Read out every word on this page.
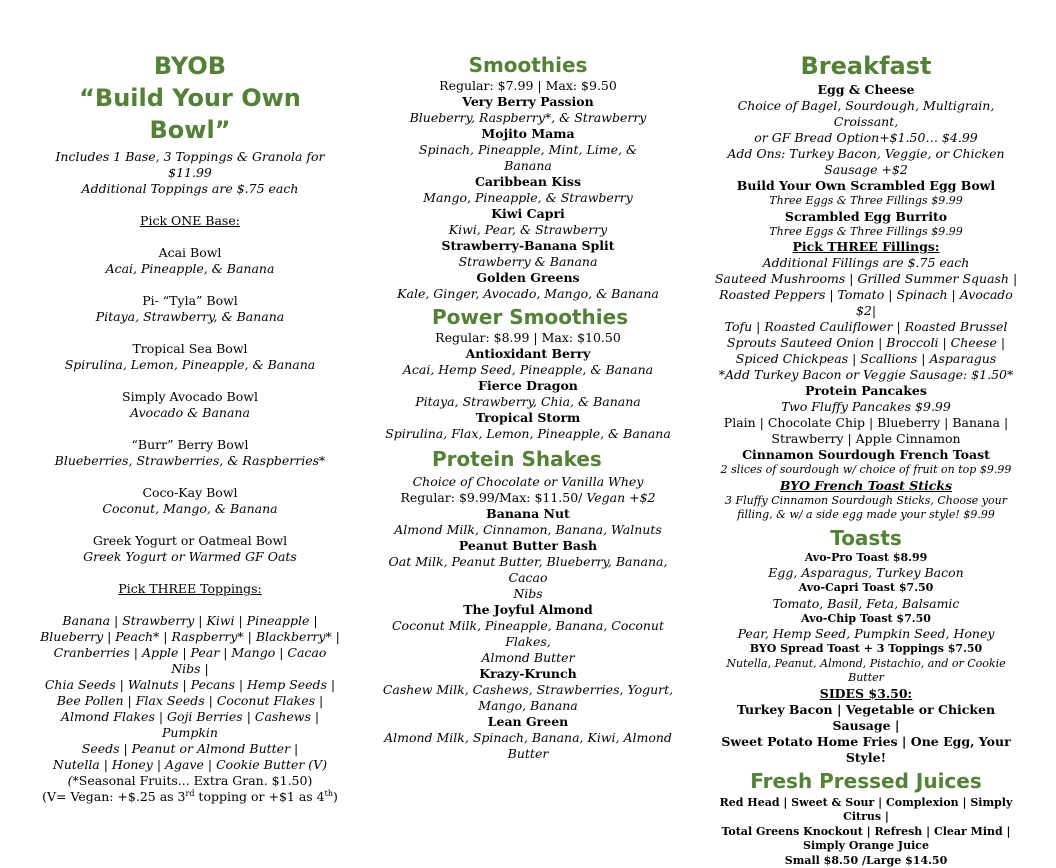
BYOB
“Build Your Own Bowl”
Includes 1 Base, 3 Toppings & Granola for $11.99
Additional Toppings are $.75 each
Pick ONE Base:
Acai Bowl
Acai, Pineapple, & Banana
Pi- “Tyla” Bowl
Pitaya, Strawberry, & Banana
Tropical Sea Bowl
Spirulina, Lemon, Pineapple, & Banana
Simply Avocado Bowl
Avocado & Banana
“Burr” Berry Bowl
Blueberries, Strawberries, & Raspberries*
Coco-Kay Bowl
Coconut, Mango, & Banana
Greek Yogurt or Oatmeal Bowl
Greek Yogurt or Warmed GF Oats
Pick THREE Toppings:
Banana | Strawberry | Kiwi | Pineapple |
Blueberry | Peach* | Raspberry* | Blackberry* |
Cranberries | Apple | Pear | Mango | Cacao Nibs |
Chia Seeds | Walnuts | Pecans | Hemp Seeds |
Bee Pollen | Flax Seeds | Coconut Flakes |
Almond Flakes | Goji Berries | Cashews | Pumpkin
Seeds | Peanut or Almond Butter |
Nutella | Honey | Agave | Cookie Butter (V)
(*Seasonal Fruits... Extra Gran. $1.50)
(V= Vegan: +$.25 as 3rd topping or +$1 as 4th)
Smoothies
Regular: $7.99 | Max: $9.50
Very Berry Passion
Blueberry, Raspberry*, & Strawberry
Mojito Mama
Spinach, Pineapple, Mint, Lime, &
Banana
Caribbean Kiss
Mango, Pineapple, & Strawberry
Kiwi Capri
Kiwi, Pear, & Strawberry
Strawberry-Banana Split
Strawberry & Banana
Golden Greens
Kale, Ginger, Avocado, Mango, & Banana
Power Smoothies
Regular: $8.99 | Max: $10.50
Antioxidant Berry
Acai, Hemp Seed, Pineapple, & Banana
Fierce Dragon
Pitaya, Strawberry, Chia, & Banana
Tropical Storm
Spirulina, Flax, Lemon, Pineapple, & Banana
Protein Shakes
Choice of Chocolate or Vanilla Whey
Regular: $9.99/Max: $11.50/ Vegan +$2
Banana Nut
Almond Milk, Cinnamon, Banana, Walnuts
Peanut Butter Bash
Oat Milk, Peanut Butter, Blueberry, Banana, Cacao
Nibs
The Joyful Almond
Coconut Milk, Pineapple, Banana, Coconut Flakes,
Almond Butter
Krazy-Krunch
Cashew Milk, Cashews, Strawberries, Yogurt,
Mango, Banana
Lean Green
Almond Milk, Spinach, Banana, Kiwi, Almond
Butter
Breakfast
Egg & Cheese
Choice of Bagel, Sourdough, Multigrain, Croissant,
or GF Bread Option+$1.50… $4.99
Add Ons: Turkey Bacon, Veggie, or Chicken
Sausage +$2
Build Your Own Scrambled Egg Bowl
Three Eggs & Three Fillings $9.99
Scrambled Egg Burrito
Three Eggs & Three Fillings $9.99
Pick THREE Fillings:
Additional Fillings are $.75 each
Sauteed Mushrooms | Grilled Summer Squash |
Roasted Peppers | Tomato | Spinach | Avocado $2|
Tofu | Roasted Cauliflower | Roasted Brussel
Sprouts Sauteed Onion | Broccoli | Cheese |
Spiced Chickpeas | Scallions | Asparagus
*Add Turkey Bacon or Veggie Sausage: $1.50*
Protein Pancakes
Two Fluffy Pancakes $9.99
Plain | Chocolate Chip | Blueberry | Banana |
Strawberry | Apple Cinnamon
Cinnamon Sourdough French Toast
2 slices of sourdough w/ choice of fruit on top $9.99
BYO French Toast Sticks
3 Fluffy Cinnamon Sourdough Sticks, Choose your
filling, & w/ a side egg made your style! $9.99
Toasts
Avo-Pro Toast $8.99
Egg, Asparagus, Turkey Bacon
Avo-Capri Toast $7.50
Tomato, Basil, Feta, Balsamic
Avo-Chip Toast $7.50
Pear, Hemp Seed, Pumpkin Seed, Honey
BYO Spread Toast + 3 Toppings $7.50
Nutella, Peanut, Almond, Pistachio, and or Cookie Butter
SIDES $3.50:
Turkey Bacon | Vegetable or Chicken Sausage |
Sweet Potato Home Fries | One Egg, Your Style!
Fresh Pressed Juices
Red Head | Sweet & Sour | Complexion | Simply Citrus |
Total Greens Knockout | Refresh | Clear Mind |
Simply Orange Juice
Small $8.50 /Large $14.50
